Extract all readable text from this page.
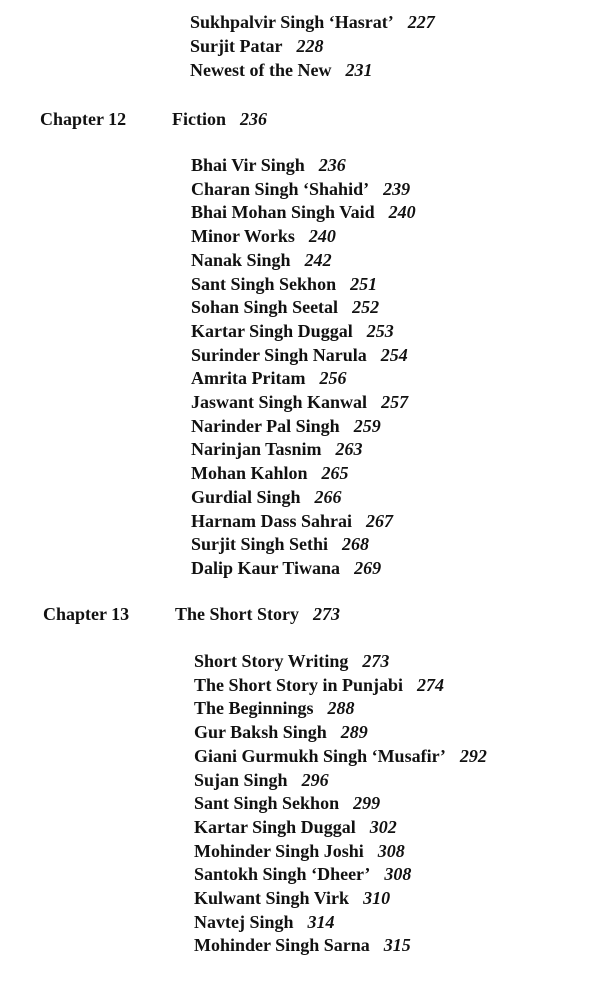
Sukhpalvir Singh ‘Hasrat’ 227
Surjit Patar 228
Newest of the New 231
Chapter 12	Fiction 236
Bhai Vir Singh 236
Charan Singh ‘Shahid’ 239
Bhai Mohan Singh Vaid 240
Minor Works 240
Nanak Singh 242
Sant Singh Sekhon 251
Sohan Singh Seetal 252
Kartar Singh Duggal 253
Surinder Singh Narula 254
Amrita Pritam 256
Jaswant Singh Kanwal 257
Narinder Pal Singh 259
Narinjan Tasnim 263
Mohan Kahlon 265
Gurdial Singh 266
Harnam Dass Sahrai 267
Surjit Singh Sethi 268
Dalip Kaur Tiwana 269
Chapter 13	The Short Story 273
Short Story Writing 273
The Short Story in Punjabi 274
The Beginnings 288
Gur Baksh Singh 289
Giani Gurmukh Singh ‘Musafir’ 292
Sujan Singh 296
Sant Singh Sekhon 299
Kartar Singh Duggal 302
Mohinder Singh Joshi 308
Santokh Singh ‘Dheer’ 308
Kulwant Singh Virk 310
Navtej Singh 314
Mohinder Singh Sarna 315
